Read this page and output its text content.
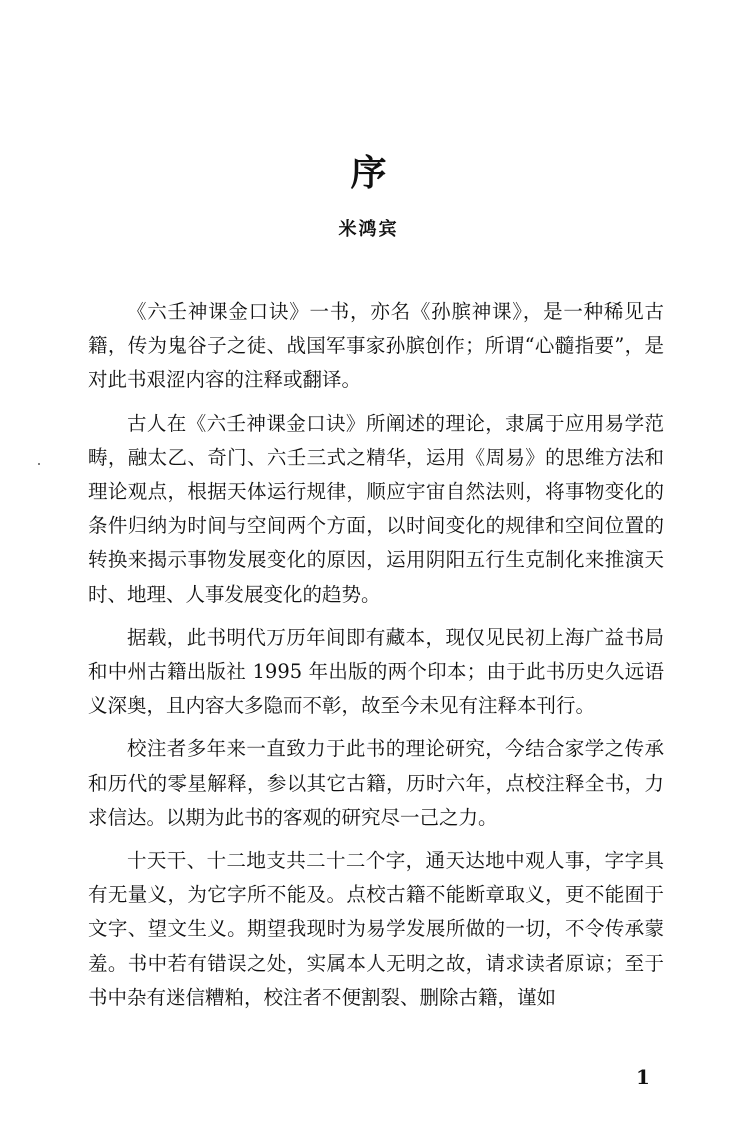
序
米鸿宾

《六壬神课金口诀》一书，亦名《孙膑神课》，是一种稀见古籍，传为鬼谷子之徒、战国军事家孙膑创作；所谓“心髓指要”，是对此书艰涩内容的注释或翻译。

古人在《六壬神课金口诀》所阐述的理论，隶属于应用易学范畴，融太乙、奇门、六壬三式之精华，运用《周易》的思维方法和理论观点，根据天体运行规律，顺应宇宙自然法则，将事物变化的条件归纳为时间与空间两个方面，以时间变化的规律和空间位置的转换来揭示事物发展变化的原因，运用阴阳五行生克制化来推演天时、地理、人事发展变化的趋势。

据载，此书明代万历年间即有藏本，现仅见民初上海广益书局和中州古籍出版社 1995 年出版的两个印本；由于此书历史久远语义深奥，且内容大多隐而不彰，故至今未见有注释本刊行。

校注者多年来一直致力于此书的理论研究，今结合家学之传承和历代的零星解释，参以其它古籍，历时六年，点校注释全书，力求信达。以期为此书的客观的研究尽一己之力。

十天干、十二地支共二十二个字，通天达地中观人事，字字具有无量义，为它字所不能及。点校古籍不能断章取义，更不能囿于文字、望文生义。期望我现时为易学发展所做的一切，不令传承蒙羞。书中若有错误之处，实属本人无明之故，请求读者原谅；至于书中杂有迷信糟粕，校注者不便割裂、删除古籍，谨如

1
